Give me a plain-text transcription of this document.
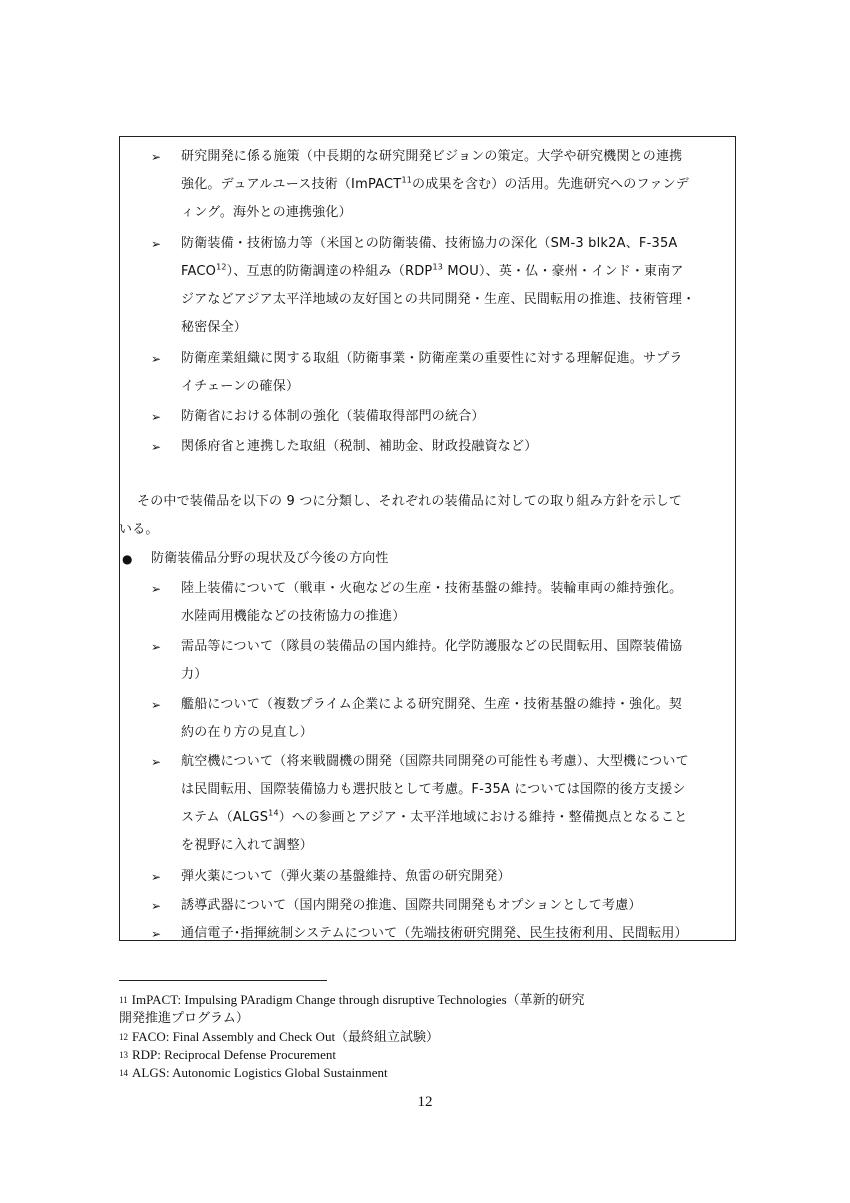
➢ 研究開発に係る施策（中長期的な研究開発ビジョンの策定。大学や研究機関との連携
強化。デュアルユース技術（ImPACT$^{11}$の成果を含む）の活用。先進研究へのファンデ
ィング。海外との連携強化）
➢ 防衛装備・技術協力等（米国との防衛装備、技術協力の深化（SM-3 blk2A、F-35A
FACO$^{12}$）、互恵的防衛調達の枠組み（RDP$^{13}$ MOU）、英・仏・豪州・インド・東南ア
ジアなどアジア太平洋地域の友好国との共同開発・生産、民間転用の推進、技術管理・
秘密保全）
➢ 防衛産業組織に関する取組（防衛事業・防衛産業の重要性に対する理解促進。サプラ
イチェーンの確保）
➢ 防衛省における体制の強化（装備取得部門の統合）
➢ 関係府省と連携した取組（税制、補助金、財政投融資など）
その中で装備品を以下の 9 つに分類し、それぞれの装備品に対しての取り組み方針を示して
いる。
● 防衛装備品分野の現状及び今後の方向性
➢ 陸上装備について（戦車・火砲などの生産・技術基盤の維持。装輪車両の維持強化。
水陸両用機能などの技術協力の推進）
➢ 需品等について（隊員の装備品の国内維持。化学防護服などの民間転用、国際装備協
力）
➢ 艦船について（複数プライム企業による研究開発、生産・技術基盤の維持・強化。契
約の在り方の見直し）
➢ 航空機について（将来戦闘機の開発（国際共同開発の可能性も考慮）、大型機について
は民間転用、国際装備協力も選択肢として考慮。F-35A については国際的後方支援シ
ステム（ALGS$^{14}$）への参画とアジア・太平洋地域における維持・整備拠点となること
を視野に入れて調整）
➢ 弾火薬について（弾火薬の基盤維持、魚雷の研究開発）
➢ 誘導武器について（国内開発の推進、国際共同開発もオプションとして考慮）
➢ 通信電子･指揮統制システムについて（先端技術研究開発、民生技術利用、民間転用）
11 ImPACT: Impulsing PAradigm Change through disruptive Technologies（革新的研究
開発推進プログラム）
12 FACO: Final Assembly and Check Out（最終組立試験）
13 RDP: Reciprocal Defense Procurement
14 ALGS: Autonomic Logistics Global Sustainment
12
